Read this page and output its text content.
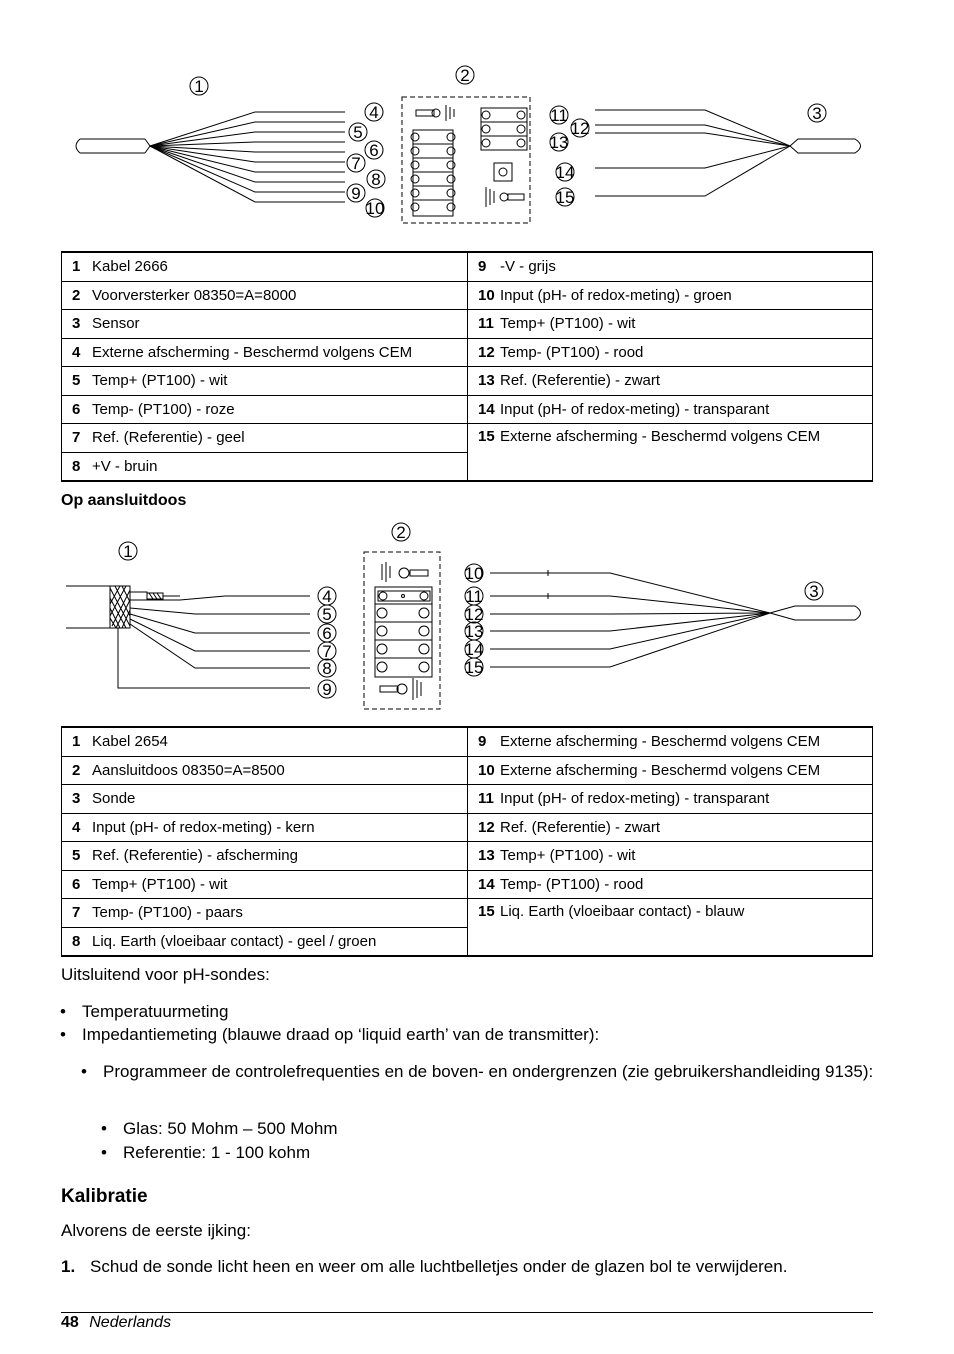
1
2
3
4
5
6
7
8
9
10
11
12
13
14
15
1	Kabel 2666	9	-V - grijs
2	Voorversterker 08350=A=8000	10	Input (pH- of redox-meting) - groen
3	Sensor	11	Temp+ (PT100) - wit
4	Externe afscherming - Beschermd volgens CEM	12	Temp- (PT100) - rood
5	Temp+ (PT100) - wit	13	Ref. (Referentie) - zwart
6	Temp- (PT100) - roze	14	Input (pH- of redox-meting) - transparant
7	Ref. (Referentie) - geel	15	Externe afscherming - Beschermd volgens CEM
8	+V - bruin		
Op aansluitdoos
1
2
3
4
5
6
7
8
9
10
11
12
13
14
15
1	Kabel 2654	9	Externe afscherming - Beschermd volgens CEM
2	Aansluitdoos 08350=A=8500	10	Externe afscherming - Beschermd volgens CEM
3	Sonde	11	Input (pH- of redox-meting) - transparant
4	Input (pH- of redox-meting) - kern	12	Ref. (Referentie) - zwart
5	Ref. (Referentie) - afscherming	13	Temp+ (PT100) - wit
6	Temp+ (PT100) - wit	14	Temp- (PT100) - rood
7	Temp- (PT100) - paars	15	Liq. Earth (vloeibaar contact) - blauw
8	Liq. Earth (vloeibaar contact) - geel / groen		
Uitsluitend voor pH-sondes:
• Temperatuurmeting
• Impedantiemeting (blauwe draad op ‘liquid earth’ van de transmitter):
• Programmeer de controlefrequenties en de boven- en ondergrenzen (zie gebruikershandleiding 9135):
• Glas: 50 Mohm – 500 Mohm
• Referentie: 1 - 100 kohm
Kalibratie
Alvorens de eerste ijking:
1. Schud de sonde licht heen en weer om alle luchtbelletjes onder de glazen bol te verwijderen.
48 Nederlands
